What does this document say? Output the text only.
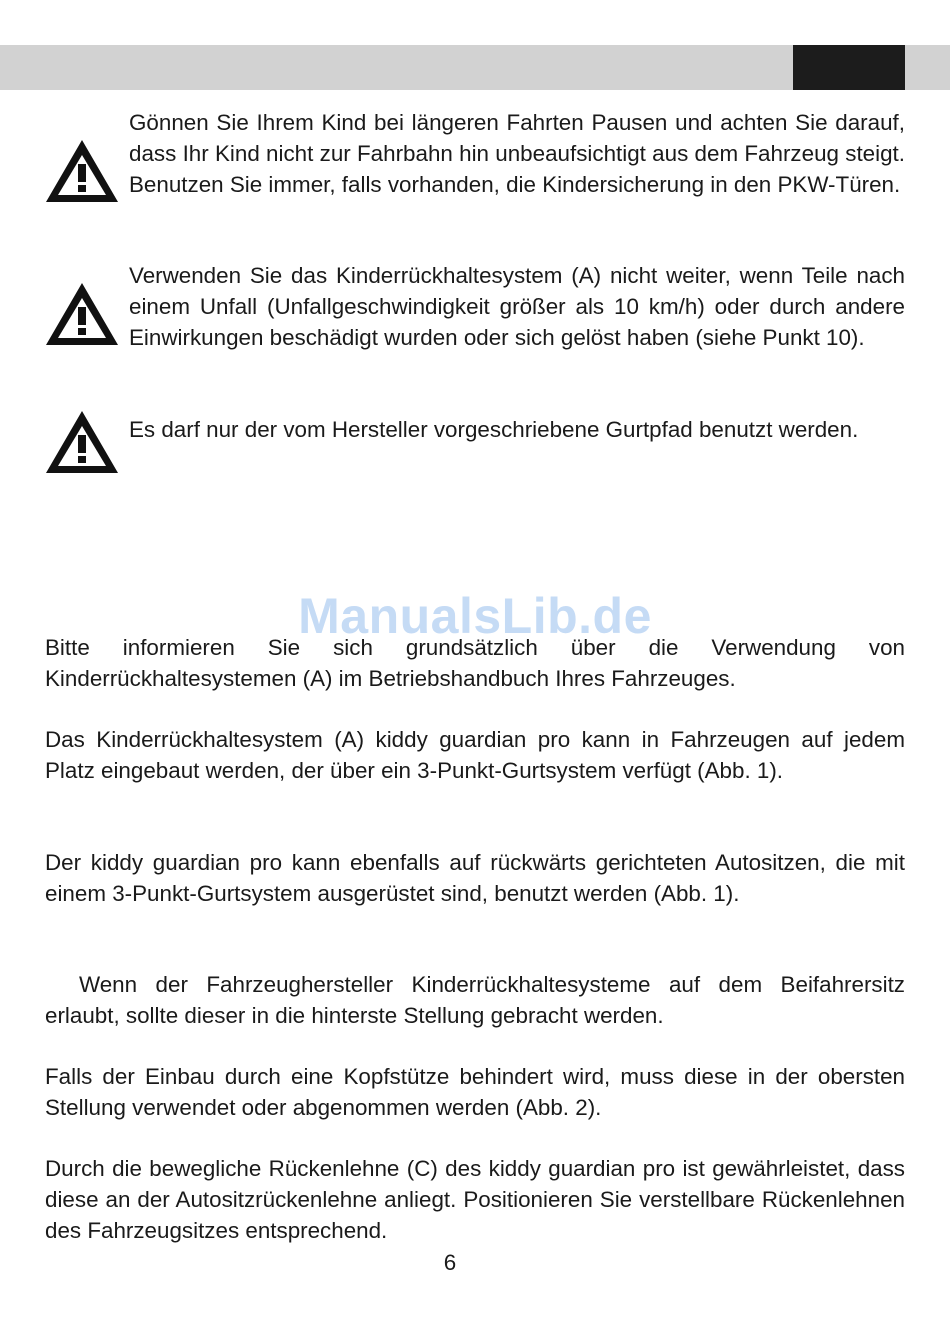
Gönnen Sie Ihrem Kind bei längeren Fahrten Pausen und achten Sie darauf, dass Ihr Kind nicht zur Fahrbahn hin unbeaufsichtigt aus dem Fahrzeug steigt. Benutzen Sie immer, falls vorhanden, die Kindersicherung in den PKW-Türen.

Verwenden Sie das Kinderrückhaltesystem (A) nicht weiter, wenn Teile nach einem Unfall (Unfallgeschwindigkeit größer als 10 km/h) oder durch andere Einwirkungen beschädigt wurden oder sich gelöst haben (siehe Punkt 10).

Es darf nur der vom Hersteller vorgeschriebene Gurtpfad benutzt werden.

ManualsLib.de

Bitte informieren Sie sich grundsätzlich über die Verwendung von Kinderrückhaltesystemen (A) im Betriebshandbuch Ihres Fahrzeuges.

Das Kinderrückhaltesystem (A) kiddy guardian pro kann in Fahrzeugen auf jedem Platz eingebaut werden, der über ein 3-Punkt-Gurtsystem verfügt (Abb. 1).

Der kiddy guardian pro kann ebenfalls auf rückwärts gerichteten Autositzen, die mit einem 3-Punkt-Gurtsystem ausgerüstet sind, benutzt werden (Abb. 1).

Wenn der Fahrzeughersteller Kinderrückhaltesysteme auf dem Beifahrersitz erlaubt, sollte dieser in die hinterste Stellung gebracht werden.

Falls der Einbau durch eine Kopfstütze behindert wird, muss diese in der obersten Stellung verwendet oder abgenommen werden (Abb. 2).

Durch die bewegliche Rückenlehne (C) des kiddy guardian pro ist gewährleistet, dass diese an der Autositzrückenlehne anliegt. Positionieren Sie verstellbare Rückenlehnen des Fahrzeugsitzes entsprechend.

6
